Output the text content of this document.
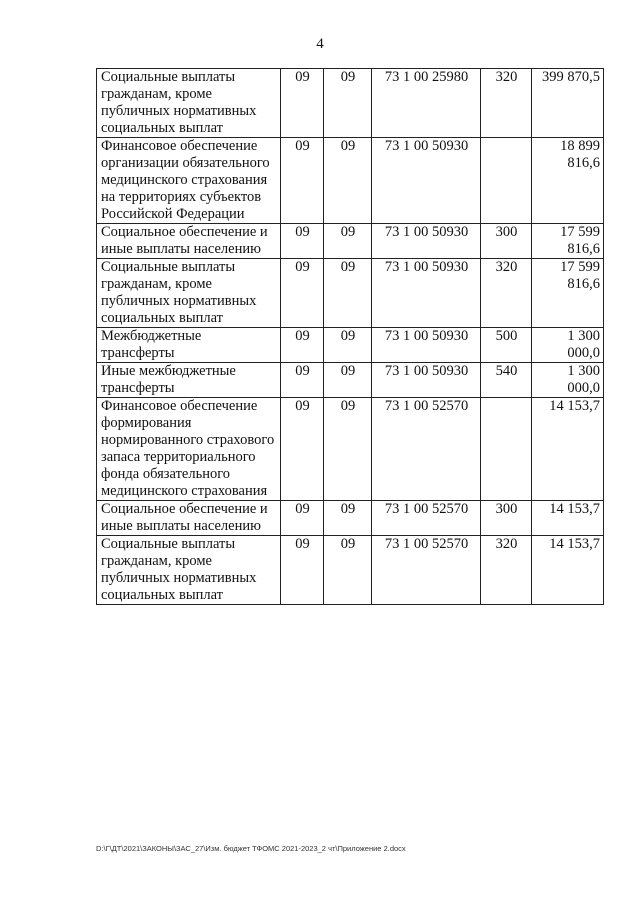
4
Социальные выплаты гражданам, кроме публичных нормативных социальных выплат	09	09	73 1 00 25980	320	399 870,5
Финансовое обеспечение организации обязательного медицинского страхования на территориях субъектов Российской Федерации	09	09	73 1 00 50930		18 899 816,6
Социальное обеспечение и иные выплаты населению	09	09	73 1 00 50930	300	17 599 816,6
Социальные выплаты гражданам, кроме публичных нормативных социальных выплат	09	09	73 1 00 50930	320	17 599 816,6
Межбюджетные трансферты	09	09	73 1 00 50930	500	1 300 000,0
Иные межбюджетные трансферты	09	09	73 1 00 50930	540	1 300 000,0
Финансовое обеспечение формирования нормированного страхового запаса территориального фонда обязательного медицинского страхования	09	09	73 1 00 52570		14 153,7
Социальное обеспечение и иные выплаты населению	09	09	73 1 00 52570	300	14 153,7
Социальные выплаты гражданам, кроме публичных нормативных социальных выплат	09	09	73 1 00 52570	320	14 153,7
D:\Г\ДТ\2021\ЗАКОНЫ\ЗАС_27\Изм. бюджет ТФОМС 2021-2023_2 чт\Приложение 2.docx
